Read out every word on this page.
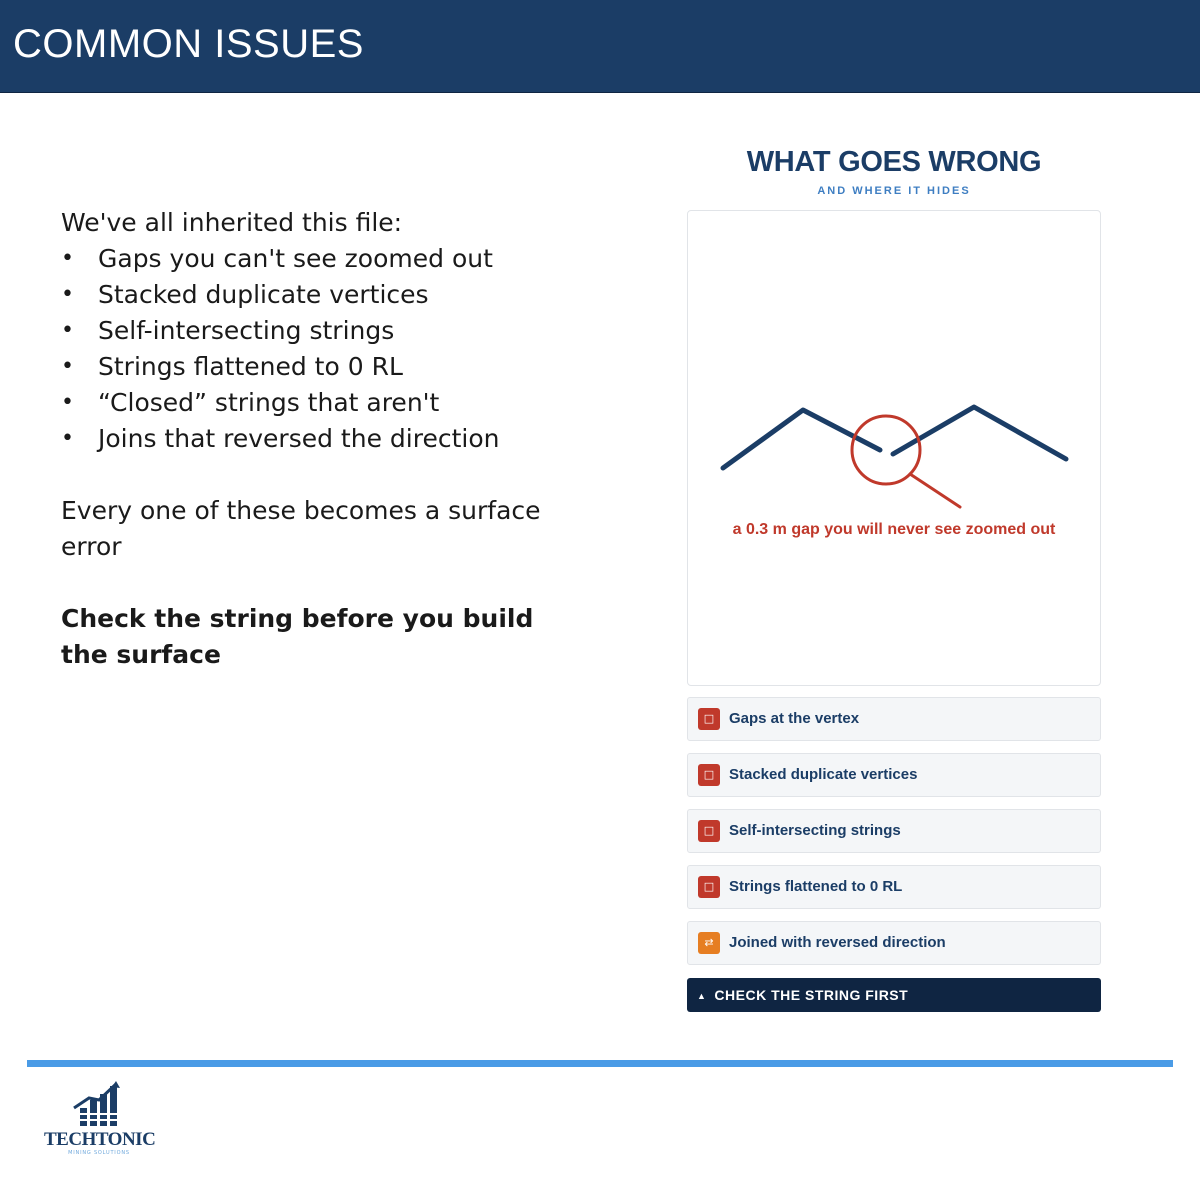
COMMON ISSUES

We've all inherited this file:

• Gaps you can't see zoomed out
• Stacked duplicate vertices
• Self-intersecting strings
• Strings flattened to 0 RL
• “Closed” strings that aren't
• Joins that reversed the direction

Every one of these becomes a surface error

Check the string before you build the surface

WHAT GOES WRONG
AND WHERE IT HIDES
a 0.3 m gap you will never see zoomed out
□ Gaps at the vertex
□ Stacked duplicate vertices
□ Self-intersecting strings
□ Strings flattened to 0 RL
⇄	Joined with reversed direction
▲ CHECK THE STRING FIRST
TECHTONIC
MINING SOLUTIONS
